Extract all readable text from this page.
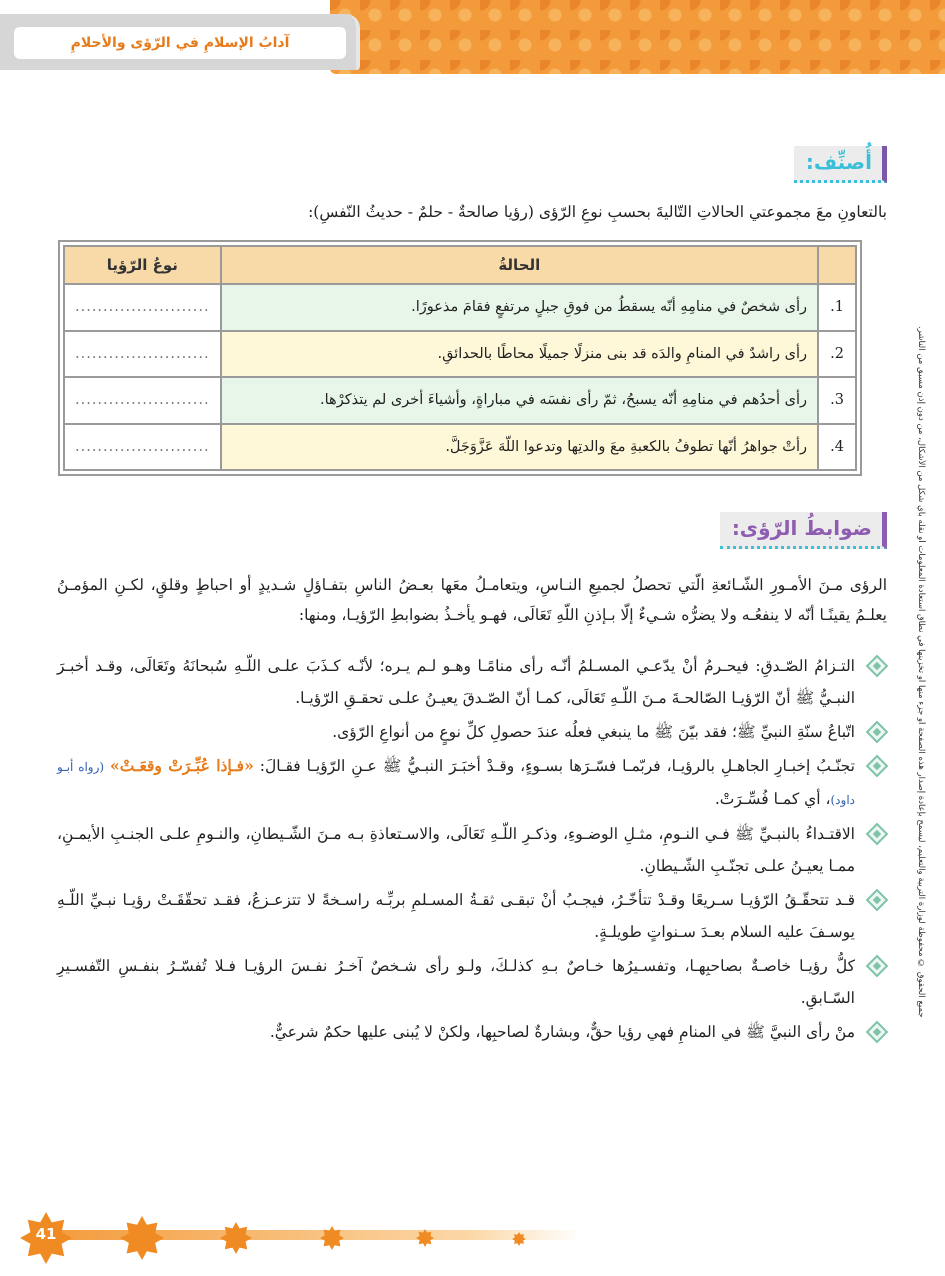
آدابُ الإسلامِ في الرّؤى والأحلامِ
أُصنِّف:
بالتعاونِ معَ مجموعتي الحالاتِ التّاليةَ بحسبِ نوعِ الرّؤى (رؤيا صالحةٌ - حلمٌ - حديثُ النّفسِ):
	الحالةُ	نوعُ الرّؤيا
1.	رأى شخصٌ في منامِهِ أنّه يسقطُ من فوقِ جبلٍ مرتفعٍ فقامَ مذعورًا.	........................
2.	رأى راشدٌ في المنامِ والدَه قد بنى منزلًا جميلًا محاطًا بالحدائقِ.	........................
3.	رأى أحدُهم في منامِهِ أنّه يسبحُ، ثمّ رأى نفسَه في مباراةٍ، وأشياءَ أخرى لم يتذكرْها.	........................
4.	رأتْ جواهرُ أنّها تطوفُ بالكعبةِ معَ والدتِها وتدعوا اللّهَ عَزَّوَجَلَّ.	........................
ضوابطُ الرّؤى:
الرؤى مـنَ الأمـورِ الشّـائعةِ الّتي تحصلُ لجميعِ النـاسِ، ويتعامـلُ معَها بعـضُ الناسِ بتفـاؤلٍ شـديدٍ أو احباطٍ وقلقٍ، لكـنِ المؤمـنُ يعلـمُ يقينًـا أنّه لا ينفعُـه ولا يضرُّه شـيءٌ إلّا بـإذنِ اللّهِ تَعَالَى، فهـو يأخـذُ بضوابطِ الرّؤيـا، ومنها:
التـزامُ الصّـدقِ: فيحـرمُ أنْ يدّعـي المسـلمُ أنّـه رأى منامًـا وهـو لـم يـره؛ لأنّـه كـذَبَ علـى اللّـهِ سُبحانَهُ وتَعَالَى، وقـد أخبـرَ النبـيُّ ﷺ أنّ الرّؤيـا الصّالحـةَ مـنَ اللّـهِ تَعَالَى، كمـا أنّ الصّـدقَ يعيـنُ علـى تحقـقِ الرّؤيـا.
اتّباعُ سنّةِ النبيِّ ﷺ؛ فقد بيّنَ ﷺ ما ينبغي فعلُه عندَ حصولِ كلِّ نوعٍ من أنواعِ الرّؤى.
تجنّـبُ إخبـارِ الجاهـلِ بالرؤيـا، فربّمـا فسّـرَها بسـوءٍ، وقـدْ أخبَـرَ النبـيُّ ﷺ عـنِ الرّؤيـا فقـالَ: «فـإذا عُبِّـرَتْ وقعَـتْ» (رواه أبـو داود)، أي كمـا فُسِّـرَتْ.
الاقتـداءُ بالنبـيِّ ﷺ فـي النـومِ، مثـلِ الوضـوءِ، وذكـرِ اللّـهِ تَعَالَى، والاسـتعاذةِ بـه مـنَ الشّـيطانِ، والنـومِ علـى الجنـبِ الأيمـنِ، ممـا يعيـنُ علـى تجنّـبِ الشّـيطانِ.
قـد تتحقّـقُ الرّؤيـا سـريعًا وقـدْ تتأخّـرُ، فيجـبُ أنْ تبقـى ثقـةُ المسـلمِ بربِّـه راسـخةً لا تتزعـزعُ، فقـد تحقّقَـتْ رؤيـا نبـيِّ اللّـهِ يوسـفَ عليه السلام بعـدَ سـنواتٍ طويلـةٍ.
كلُّ رؤيـا خاصـةٌ بصاحبِهـا، وتفسـيرُها خـاصٌ بـهِ كذلـكَ، ولـو رأى شـخصٌ آخـرُ نفـسَ الرؤيـا فـلا تُفسّـرُ بنفـسِ التّفسـيرِ السّـابقِ.
منْ رأى النبيَّ ﷺ في المنامِ فهي رؤيا حقٌّ، وبشارةٌ لصاحبِها، ولكنْ لا يُبنى عليها حكمٌ شرعيٌّ.
جميع الحقوق © محفوظة لوزارة التربية والتعليم، ليسمح بإعادة إصدار هذه الصفحة أو جزء منها أو تخزينها في نطاق استعادة المعلومات أو نقله بأي شكل من الأشكال، من دون إذن مسبق من الناشر.
41
